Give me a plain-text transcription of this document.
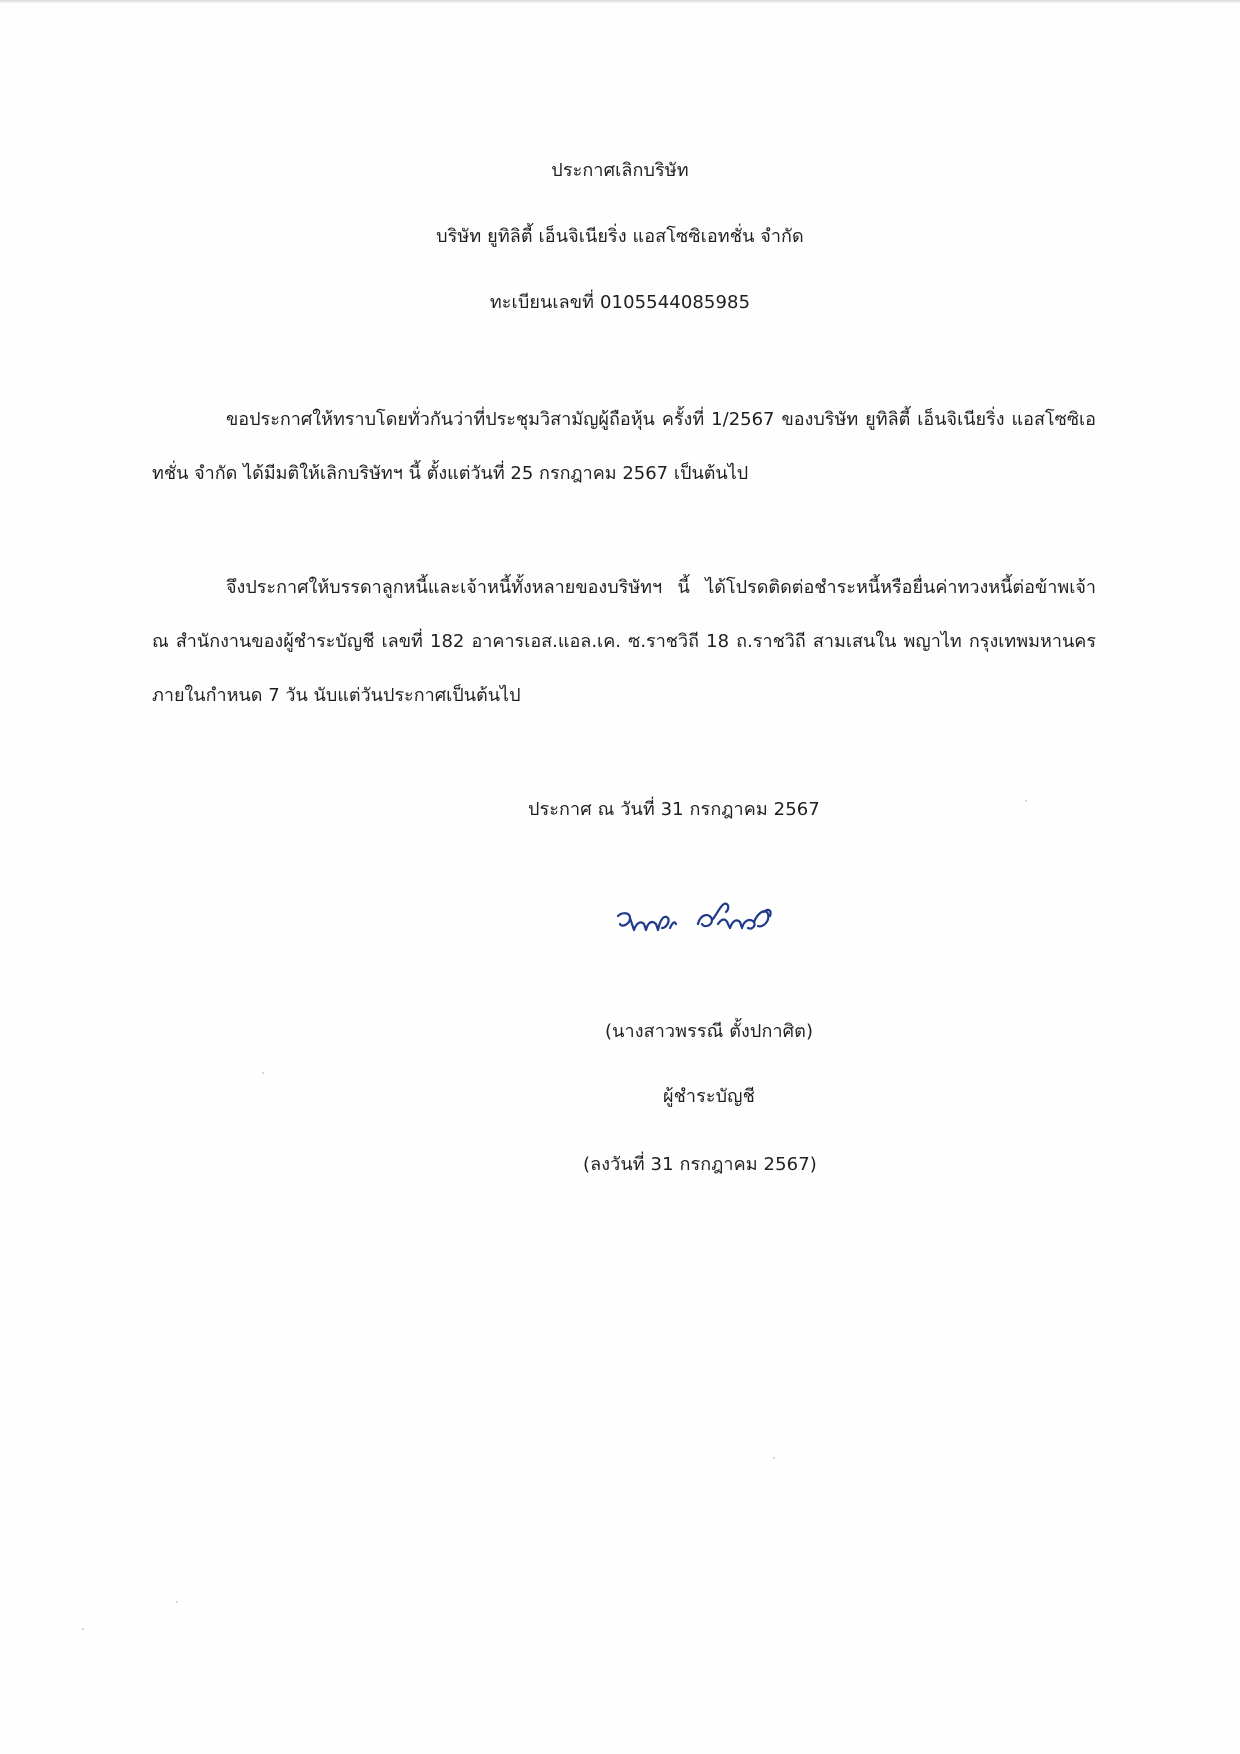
ประกาศเลิกบริษัท
บริษัท ยูทิลิตี้ เอ็นจิเนียริ่ง แอสโซซิเอทชั่น จำกัด
ทะเบียนเลขที่ 0105544085985
ขอประกาศให้ทราบโดยทั่วกันว่าที่ประชุมวิสามัญผู้ถือหุ้น ครั้งที่ 1/2567 ของบริษัท ยูทิลิตี้ เอ็นจิเนียริ่ง แอสโซซิเอทชั่น จำกัด ได้มีมติให้เลิกบริษัทฯ นี้ ตั้งแต่วันที่ 25 กรกฎาคม 2567 เป็นต้นไป
จึงประกาศให้บรรดาลูกหนี้และเจ้าหนี้ทั้งหลายของบริษัทฯ นี้ ได้โปรดติดต่อชำระหนี้หรือยื่นค่าทวงหนี้ต่อข้าพเจ้า ณ สำนักงานของผู้ชำระบัญชี เลขที่ 182 อาคารเอส.แอล.เค. ซ.ราชวิถี 18 ถ.ราชวิถี สามเสนใน พญาไท กรุงเทพมหานคร ภายในกำหนด 7 วัน นับแต่วันประกาศเป็นต้นไป
ประกาศ ณ วันที่ 31 กรกฎาคม 2567
(นางสาวพรรณี ตั้งปกาศิต)
ผู้ชำระบัญชี
(ลงวันที่ 31 กรกฎาคม 2567)
